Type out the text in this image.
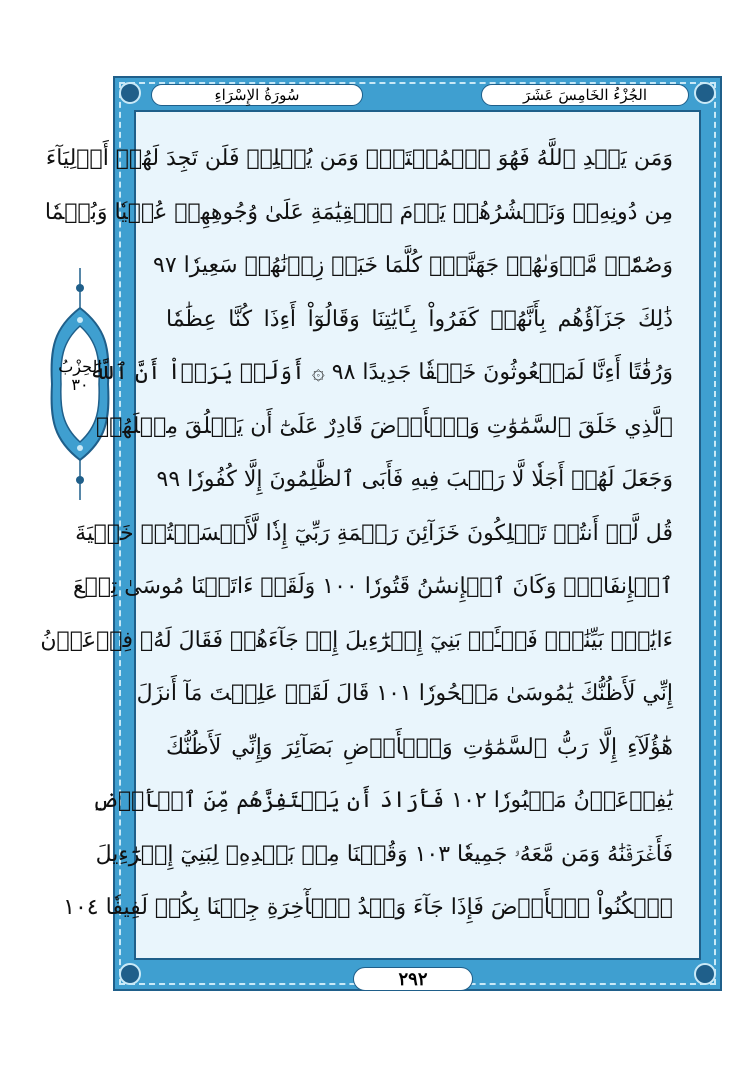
الحِزْبُ
٣٠
سُورَةُ الإِسْرَاءِ	الجُزْءُ الخَامِسَ عَشَرَ
وَمَن يَهۡدِ ٱللَّهُ فَهُوَ ٱلۡمُهۡتَدِۖ وَمَن يُضۡلِلۡ فَلَن تَجِدَ لَهُمۡ أَوۡلِيَآءَ
مِن دُونِهِۦۖ وَنَحۡشُرُهُمۡ يَوۡمَ ٱلۡقِيَٰمَةِ عَلَىٰ وُجُوهِهِمۡ عُمۡيٗا وَبُكۡمٗا
وَصُمّٗاۖ مَّأۡوَىٰهُمۡ جَهَنَّمُۖ كُلَّمَا خَبَتۡ زِدۡنَٰهُمۡ سَعِيرٗا ٩٧
ذَٰلِكَ جَزَآؤُهُم بِأَنَّهُمۡ كَفَرُواْ بِـَٔايَٰتِنَا وَقَالُوٓاْ أَءِذَا كُنَّا عِظَٰمٗا
وَرُفَٰتًا أَءِنَّا لَمَبۡعُوثُونَ خَلۡقٗا جَدِيدًا ٩٨ ۞ أَوَلَمۡ يَرَوۡاْ أَنَّ ٱللَّهَ
ٱلَّذِي خَلَقَ ٱلسَّمَٰوَٰتِ وَٱلۡأَرۡضَ قَادِرٌ عَلَىٰٓ أَن يَخۡلُقَ مِثۡلَهُمۡ
وَجَعَلَ لَهُمۡ أَجَلٗا لَّا رَيۡبَ فِيهِ فَأَبَى ٱلظَّٰلِمُونَ إِلَّا كُفُورٗا ٩٩
قُل لَّوۡ أَنتُمۡ تَمۡلِكُونَ خَزَآئِنَ رَحۡمَةِ رَبِّيٓ إِذٗا لَّأَمۡسَكۡتُمۡ خَشۡيَةَ
ٱلۡإِنفَاقِۚ وَكَانَ ٱلۡإِنسَٰنُ قَتُورٗا ١٠٠ وَلَقَدۡ ءَاتَيۡنَا مُوسَىٰ تِسۡعَ
ءَايَٰتِۭ بَيِّنَٰتٖۖ فَسۡـَٔلۡ بَنِيٓ إِسۡرَٰٓءِيلَ إِذۡ جَآءَهُمۡ فَقَالَ لَهُۥ فِرۡعَوۡنُ
إِنِّي لَأَظُنُّكَ يَٰمُوسَىٰ مَسۡحُورٗا ١٠١ قَالَ لَقَدۡ عَلِمۡتَ مَآ أَنزَلَ
هَٰٓؤُلَآءِ إِلَّا رَبُّ ٱلسَّمَٰوَٰتِ وَٱلۡأَرۡضِ بَصَآئِرَ وَإِنِّي لَأَظُنُّكَ
يَٰفِرۡعَوۡنُ مَثۡبُورٗا ١٠٢ فَأَرَادَ أَن يَسۡتَفِزَّهُم مِّنَ ٱلۡأَرۡضِ
فَأَغۡرَقۡنَٰهُ وَمَن مَّعَهُۥ جَمِيعٗا ١٠٣ وَقُلۡنَا مِنۢ بَعۡدِهِۦ لِبَنِيٓ إِسۡرَٰٓءِيلَ
ٱسۡكُنُواْ ٱلۡأَرۡضَ فَإِذَا جَآءَ وَعۡدُ ٱلۡأٓخِرَةِ جِئۡنَا بِكُمۡ لَفِيفٗا ١٠٤
٢٩٢
